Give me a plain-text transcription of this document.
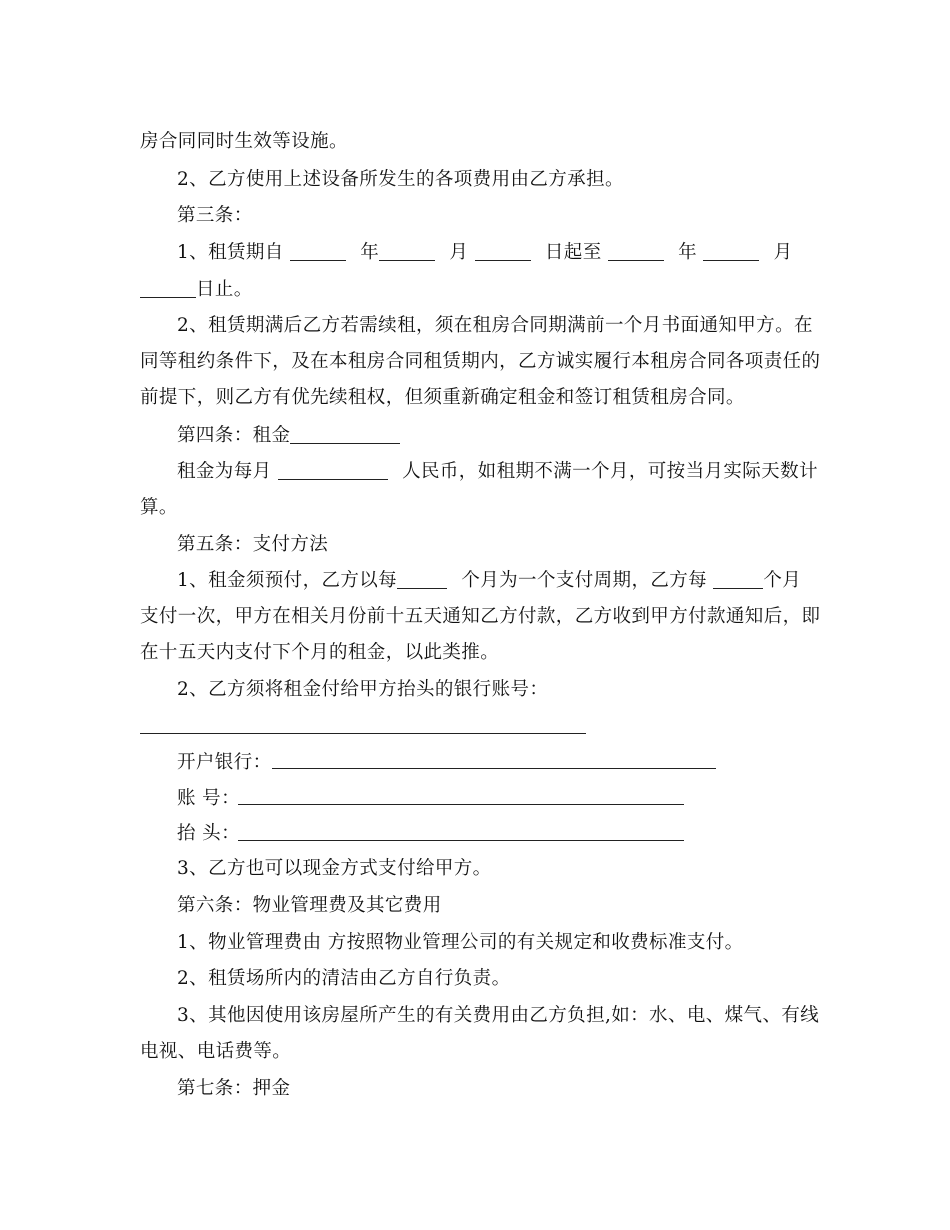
房合同同时生效等设施。
2、乙方使用上述设备所发生的各项费用由乙方承担。
第三条：
1、租赁期自	年	月	日起至	年	月
日止。
2、租赁期满后乙方若需续租，须在租房合同期满前一个月书面通知甲方。在
同等租约条件下，及在本租房合同租赁期内，乙方诚实履行本租房合同各项责任的
前提下，则乙方有优先续租权，但须重新确定租金和签订租赁租房合同。
第四条：租金
租金为每月	人民币，如租期不满一个月，可按当月实际天数计
算。
第五条：支付方法
1、租金须预付，乙方以每	个月为一个支付周期，乙方每	个月
支付一次，甲方在相关月份前十五天通知乙方付款，乙方收到甲方付款通知后，即
在十五天内支付下个月的租金，以此类推。
2、乙方须将租金付给甲方抬头的银行账号：
开户银行：
账 号：
抬 头：
3、乙方也可以现金方式支付给甲方。
第六条：物业管理费及其它费用
1、物业管理费由 方按照物业管理公司的有关规定和收费标准支付。
2、租赁场所内的清洁由乙方自行负责。
3、其他因使用该房屋所产生的有关费用由乙方负担,如：水、电、煤气、有线
电视、电话费等。
第七条：押金
